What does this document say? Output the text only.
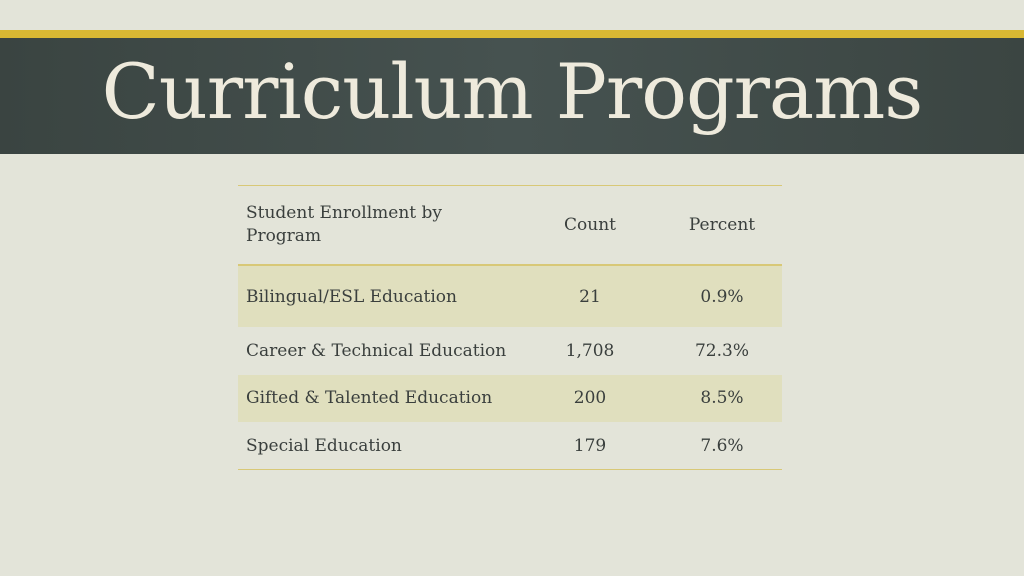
Curriculum Programs
Student Enrollment by Program	Count	Percent
Bilingual/ESL Education	21	0.9%
Career & Technical Education	1,708	72.3%
Gifted & Talented Education	200	8.5%
Special Education	179	7.6%
